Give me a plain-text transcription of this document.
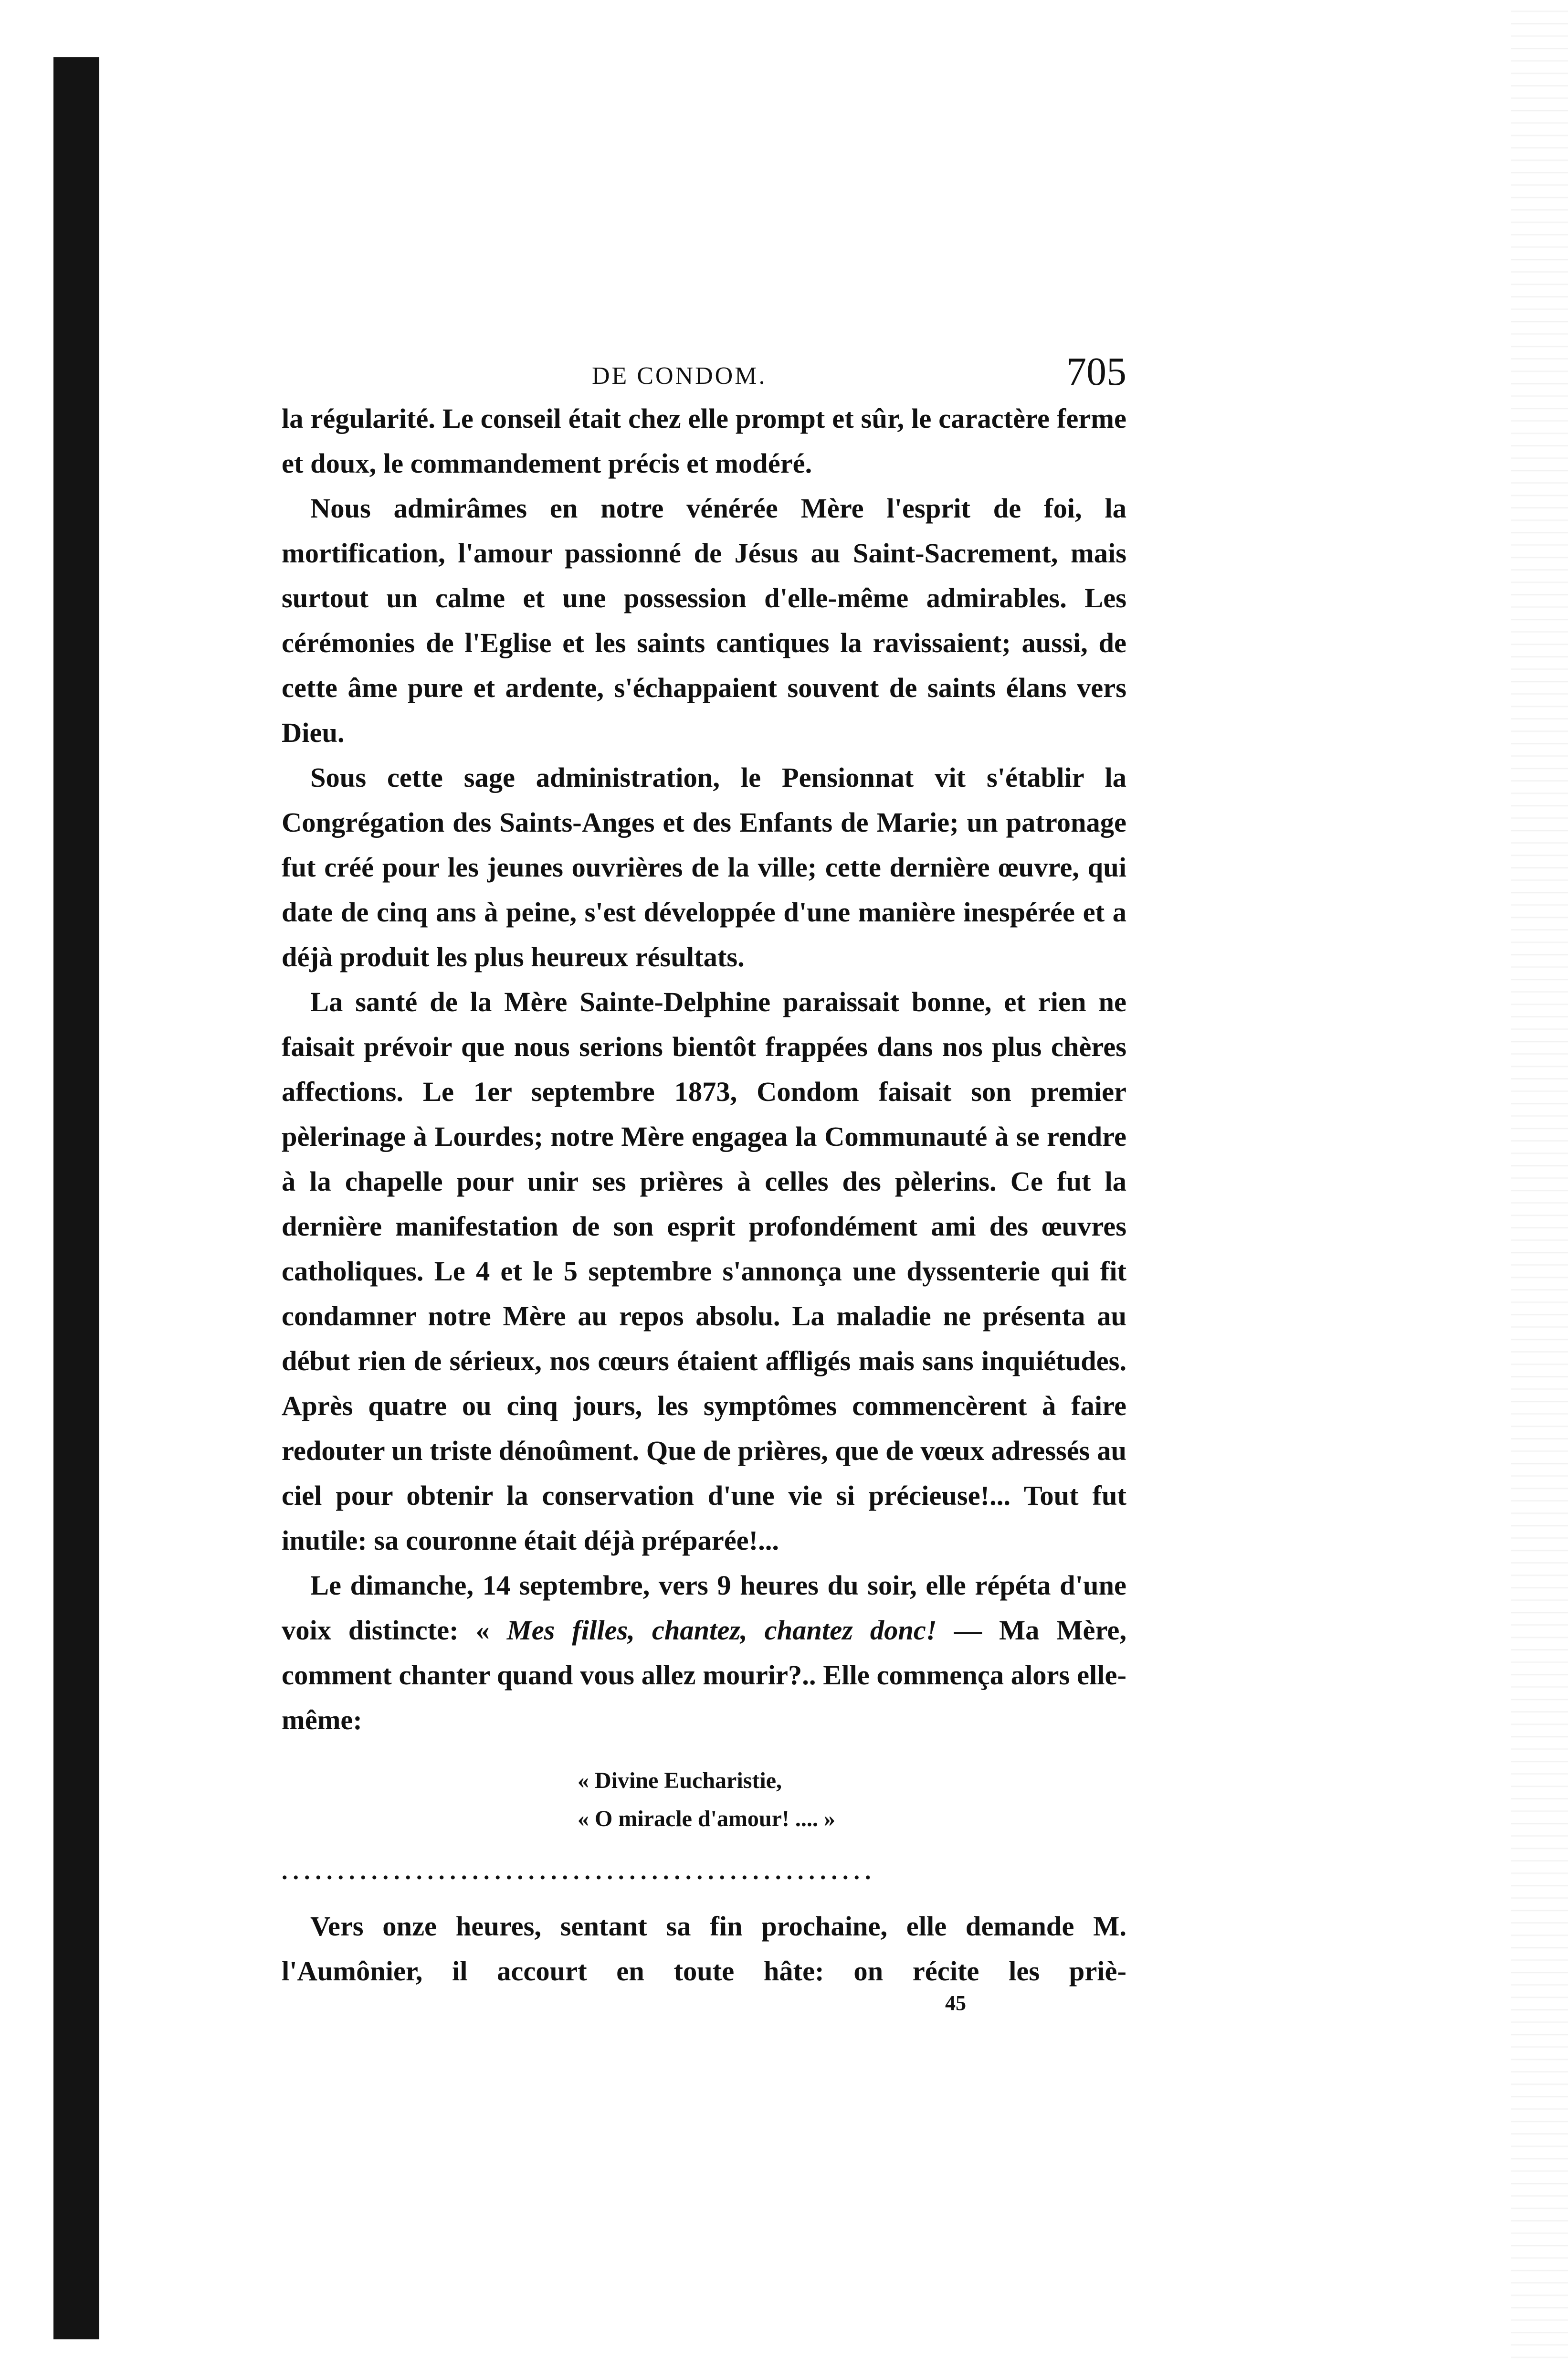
DE CONDOM.	705

la régularité. Le conseil était chez elle prompt et sûr, le caractère ferme et doux, le commandement précis et modéré.

Nous admirâmes en notre vénérée Mère l'esprit de foi, la mortification, l'amour passionné de Jésus au Saint-Sacrement, mais surtout un calme et une possession d'elle-même admirables. Les cérémonies de l'Eglise et les saints cantiques la ravissaient; aussi, de cette âme pure et ardente, s'échappaient souvent de saints élans vers Dieu.

Sous cette sage administration, le Pensionnat vit s'établir la Congrégation des Saints-Anges et des Enfants de Marie; un patronage fut créé pour les jeunes ouvrières de la ville; cette dernière œuvre, qui date de cinq ans à peine, s'est développée d'une manière inespérée et a déjà produit les plus heureux résultats.

La santé de la Mère Sainte-Delphine paraissait bonne, et rien ne faisait prévoir que nous serions bientôt frappées dans nos plus chères affections. Le 1er septembre 1873, Condom faisait son premier pèlerinage à Lourdes; notre Mère engagea la Communauté à se rendre à la chapelle pour unir ses prières à celles des pèlerins. Ce fut la dernière manifestation de son esprit profondément ami des œuvres catholiques. Le 4 et le 5 septembre s'annonça une dyssenterie qui fit condamner notre Mère au repos absolu. La maladie ne présenta au début rien de sérieux, nos cœurs étaient affligés mais sans inquiétudes. Après quatre ou cinq jours, les symptômes commencèrent à faire redouter un triste dénoûment. Que de prières, que de vœux adressés au ciel pour obtenir la conservation d'une vie si précieuse!... Tout fut inutile: sa couronne était déjà préparée!...

Le dimanche, 14 septembre, vers 9 heures du soir, elle répéta d'une voix distincte: « Mes filles, chantez, chantez donc! — Ma Mère, comment chanter quand vous allez mourir?.. Elle commença alors elle-même:

« Divine Eucharistie,
« O miracle d'amour! .... »
.....................................................

Vers onze heures, sentant sa fin prochaine, elle demande M. l'Aumônier, il accourt en toute hâte: on récite les priè-

45
